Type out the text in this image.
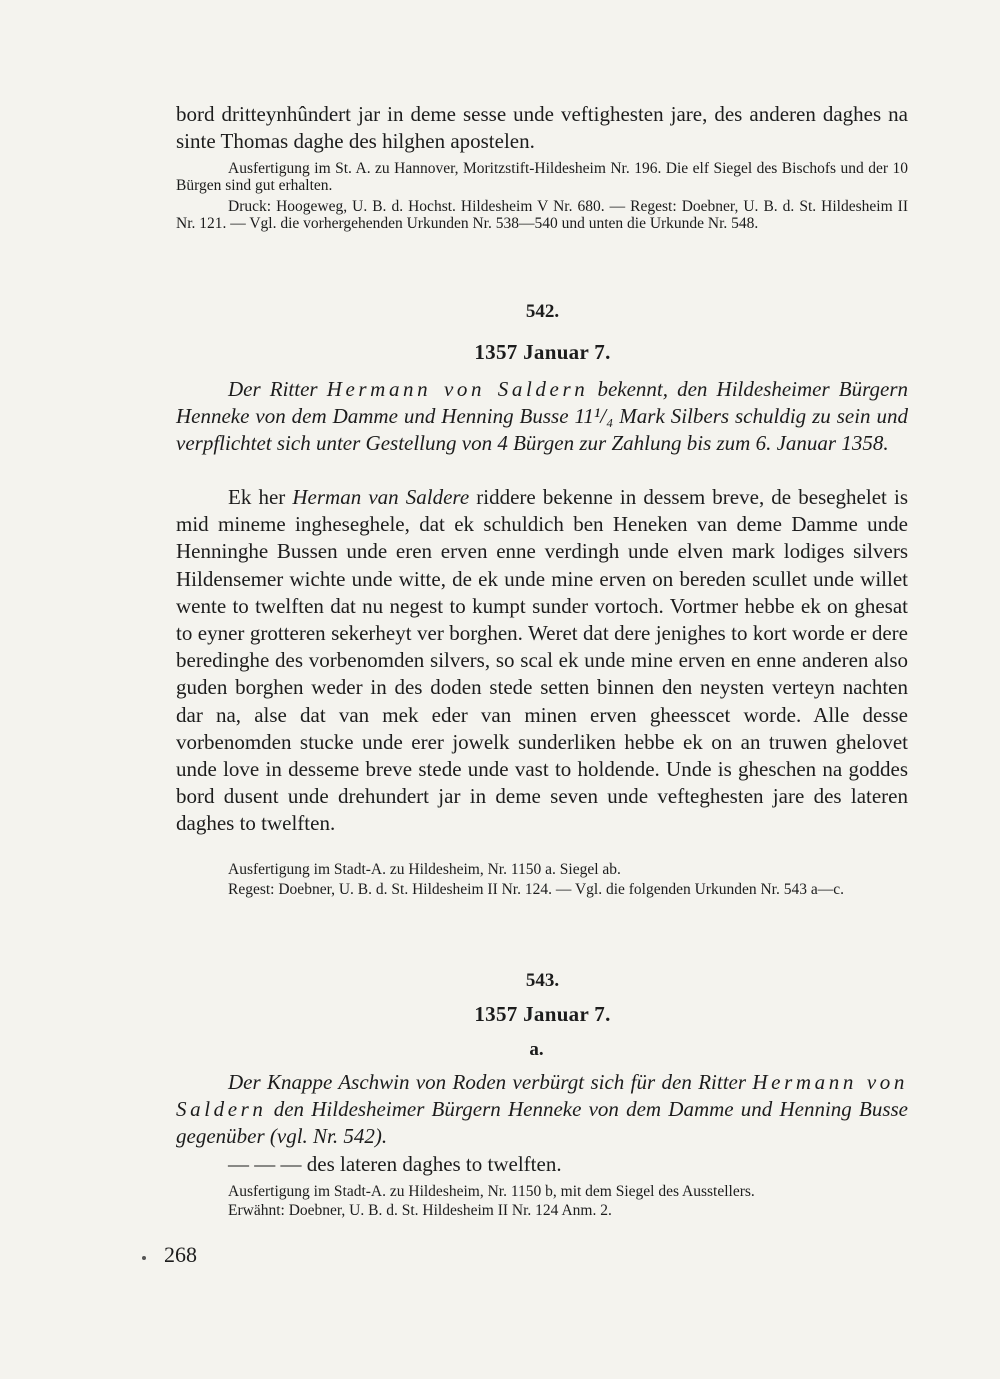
bord dritteynhûndert jar in deme sesse unde veftighesten jare, des anderen daghes na sinte Thomas daghe des hilghen apostelen.

Ausfertigung im St. A. zu Hannover, Moritzstift-Hildesheim Nr. 196. Die elf Siegel des Bischofs und der 10 Bürgen sind gut erhalten.

Druck: Hoogeweg, U. B. d. Hochst. Hildesheim V Nr. 680. — Regest: Doebner, U. B. d. St. Hildesheim II Nr. 121. — Vgl. die vorhergehenden Urkunden Nr. 538—540 und unten die Urkunde Nr. 548.

542.

1357 Januar 7.

Der Ritter Hermann von Saldern bekennt, den Hildesheimer Bürgern Henneke von dem Damme und Henning Busse 11¹/₄ Mark Silbers schuldig zu sein und verpflichtet sich unter Gestellung von 4 Bürgen zur Zahlung bis zum 6. Januar 1358.

Ek her Herman van Saldere riddere bekenne in dessem breve, de beseghelet is mid mineme ingheseghele, dat ek schuldich ben Heneken van deme Damme unde Henninghe Bussen unde eren erven enne verdingh unde elven mark lodiges silvers Hildensemer wichte unde witte, de ek unde mine erven on bereden scullet unde willet wente to twelften dat nu negest to kumpt sunder vortoch. Vortmer hebbe ek on ghesat to eyner grotteren sekerheyt ver borghen. Weret dat dere jenighes to kort worde er dere beredinghe des vorbenomden silvers, so scal ek unde mine erven en enne anderen also guden borghen weder in des doden stede setten binnen den neysten verteyn nachten dar na, alse dat van mek eder van minen erven gheesscet worde. Alle desse vorbenomden stucke unde erer jowelk sunderliken hebbe ek on an truwen ghelovet unde love in desseme breve stede unde vast to holdende. Unde is gheschen na goddes bord dusent unde drehundert jar in deme seven unde vefteghesten jare des lateren daghes to twelften.

Ausfertigung im Stadt-A. zu Hildesheim, Nr. 1150 a. Siegel ab.

Regest: Doebner, U. B. d. St. Hildesheim II Nr. 124. — Vgl. die folgenden Urkunden Nr. 543 a—c.

543.

1357 Januar 7.

a.

Der Knappe Aschwin von Roden verbürgt sich für den Ritter Hermann von Saldern den Hildesheimer Bürgern Henneke von dem Damme und Henning Busse gegenüber (vgl. Nr. 542).

— — — des lateren daghes to twelften.

Ausfertigung im Stadt-A. zu Hildesheim, Nr. 1150 b, mit dem Siegel des Ausstellers.

Erwähnt: Doebner, U. B. d. St. Hildesheim II Nr. 124 Anm. 2.

268
